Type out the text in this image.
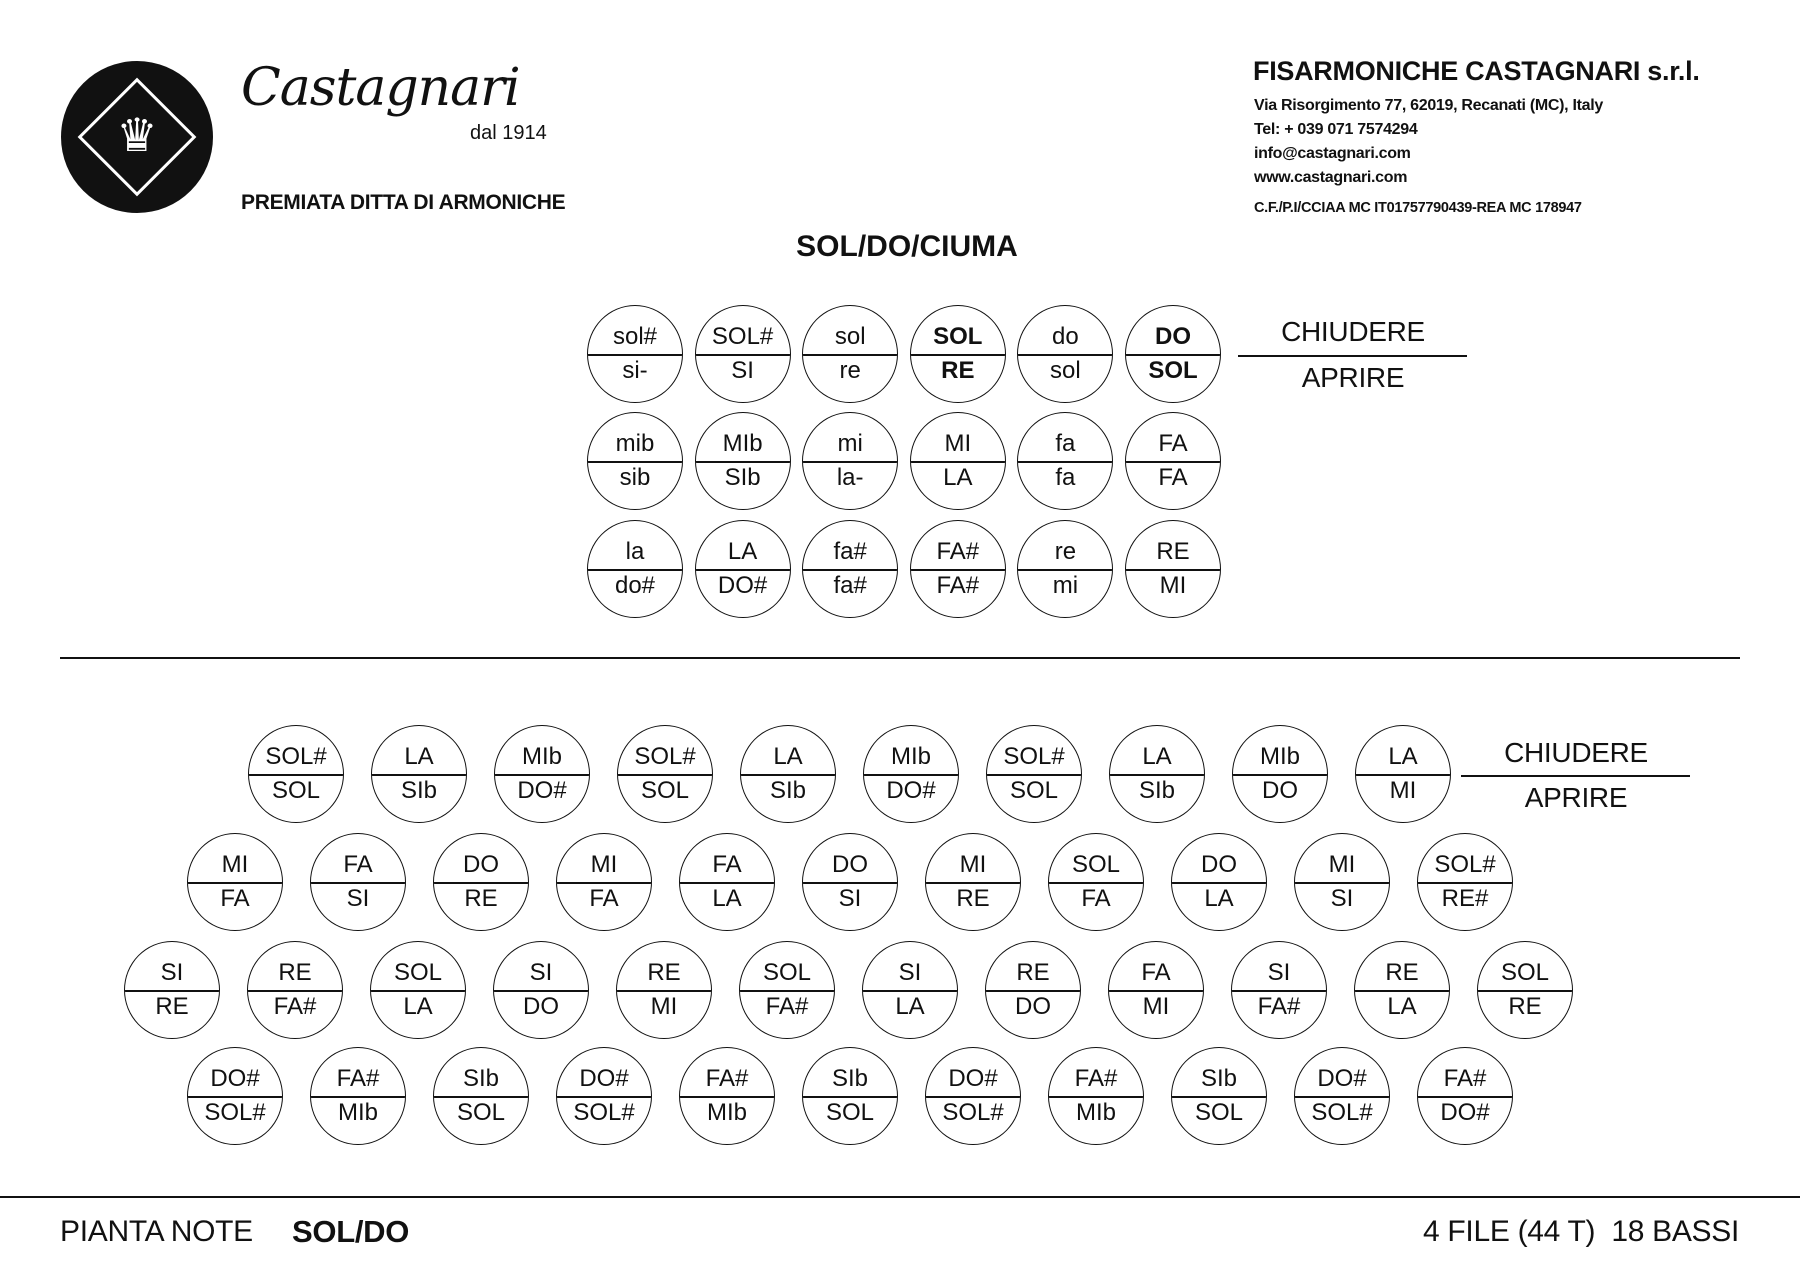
♛
Castagnari
dal 1914
PREMIATA DITTA DI ARMONICHE
FISARMONICHE CASTAGNARI s.r.l.
Via Risorgimento 77, 62019, Recanati (MC), Italy
Tel: + 039 071 7574294
info@castagnari.com
www.castagnari.com
C.F./P.I/CCIAA MC IT01757790439-REA MC 178947
SOL/DO/CIUMA
sol#
si-
SOL#
SI
sol
re
SOL
RE
do
sol
DO
SOL
mib
sib
MIb
SIb
mi
la-
MI
LA
fa
fa
FA
FA
la
do#
LA
DO#
fa#
fa#
FA#
FA#
re
mi
RE
MI
CHIUDERE
APRIRE
SOL#
SOL
LA
SIb
MIb
DO#
SOL#
SOL
LA
SIb
MIb
DO#
SOL#
SOL
LA
SIb
MIb
DO
LA
MI
MI
FA
FA
SI
DO
RE
MI
FA
FA
LA
DO
SI
MI
RE
SOL
FA
DO
LA
MI
SI
SOL#
RE#
SI
RE
RE
FA#
SOL
LA
SI
DO
RE
MI
SOL
FA#
SI
LA
RE
DO
FA
MI
SI
FA#
RE
LA
SOL
RE
DO#
SOL#
FA#
MIb
SIb
SOL
DO#
SOL#
FA#
MIb
SIb
SOL
DO#
SOL#
FA#
MIb
SIb
SOL
DO#
SOL#
FA#
DO#
CHIUDERE
APRIRE
PIANTA NOTE SOL/DO	4 FILE (44 T)  18 BASSI
